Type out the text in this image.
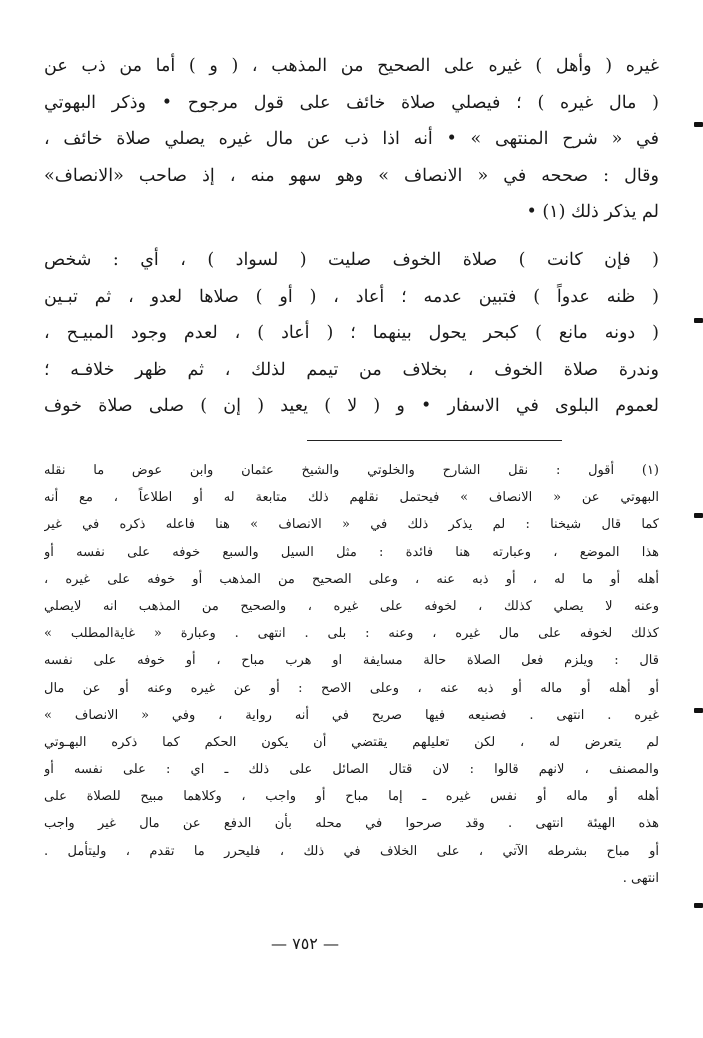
غيره ( وأهل ) غيره على الصحيح من المذهب ، ( و ) أما من ذب عن
( مال غيره ) ؛ فيصلي صلاة خائف على قول مرجوح • وذكر البهوتي
في « شرح المنتهى » • أنه اذا ذب عن مال غيره يصلي صلاة خائف ،
وقال : صححه في « الانصاف » وهو سهو منه ، إذ صاحب «الانصاف»
لم يذكر ذلك (١) •
( فإن كانت ) صلاة الخوف صليت ( لسواد ) ، أي : شخص
( ظنه عدواً ) فتبين عدمه ؛ أعاد ، ( أو ) صلاها لعدو ، ثم تبـين
( دونه مانع ) كبحر يحول بينهما ؛ ( أعاد ) ، لعدم وجود المبيـح ،
وندرة صلاة الخوف ، بخلاف من تيمم لذلك ، ثم ظهر خلافـه ؛
لعموم البلوى في الاسفار • و ( لا ) يعيد ( إن ) صلى صلاة خوف
(١) أقول : نقل الشارح والخلوتي والشيخ عثمان وابن عوض ما نقله
البهوتي عن « الانصاف » فيحتمل نقلهم ذلك متابعة له أو اطلاعاً ، مع أنه
كما قال شيخنا : لم يذكر ذلك في « الانصاف » هنا فاعله ذكره في غير
هذا الموضع ، وعبارته هنا فائدة : مثل السيل والسبع خوفه على نفسه أو
أهله أو ما له ، أو ذبه عنه ، وعلى الصحيح من المذهب أو خوفه على غيره ،
وعنه لا يصلي كذلك ، لخوفه على غيره ، والصحيح من المذهب انه لايصلي
كذلك لخوفه على مال غيره ، وعنه : بلى . انتهى . وعبارة « غايةالمطلب »
قال : ويلزم فعل الصلاة حالة مسايفة او هرب مباح ، أو خوفه على نفسه
أو أهله أو ماله أو ذبه عنه ، وعلى الاصح : أو عن غيره وعنه أو عن مال
غيره . انتهى . فصنيعه فيها صريح في أنه رواية ، وفي « الانصاف »
لم يتعرض له ، لكن تعليلهم يقتضي أن يكون الحكم كما ذكره البهـوتي
والمصنف ، لانهم قالوا : لان قتال الصائل على ذلك ـ اي : على نفسه أو
أهله أو ماله أو نفس غيره ـ إما مباح أو واجب ، وكلاهما مبيح للصلاة على
هذه الهيئة انتهى . وقد صرحوا في محله بأن الدفع عن مال غير واجب
أو مباح بشرطه الآتي ، على الخلاف في ذلك ، فليحرر ما تقدم ، وليتأمل .
انتهى .
— ٧٥٢ —
